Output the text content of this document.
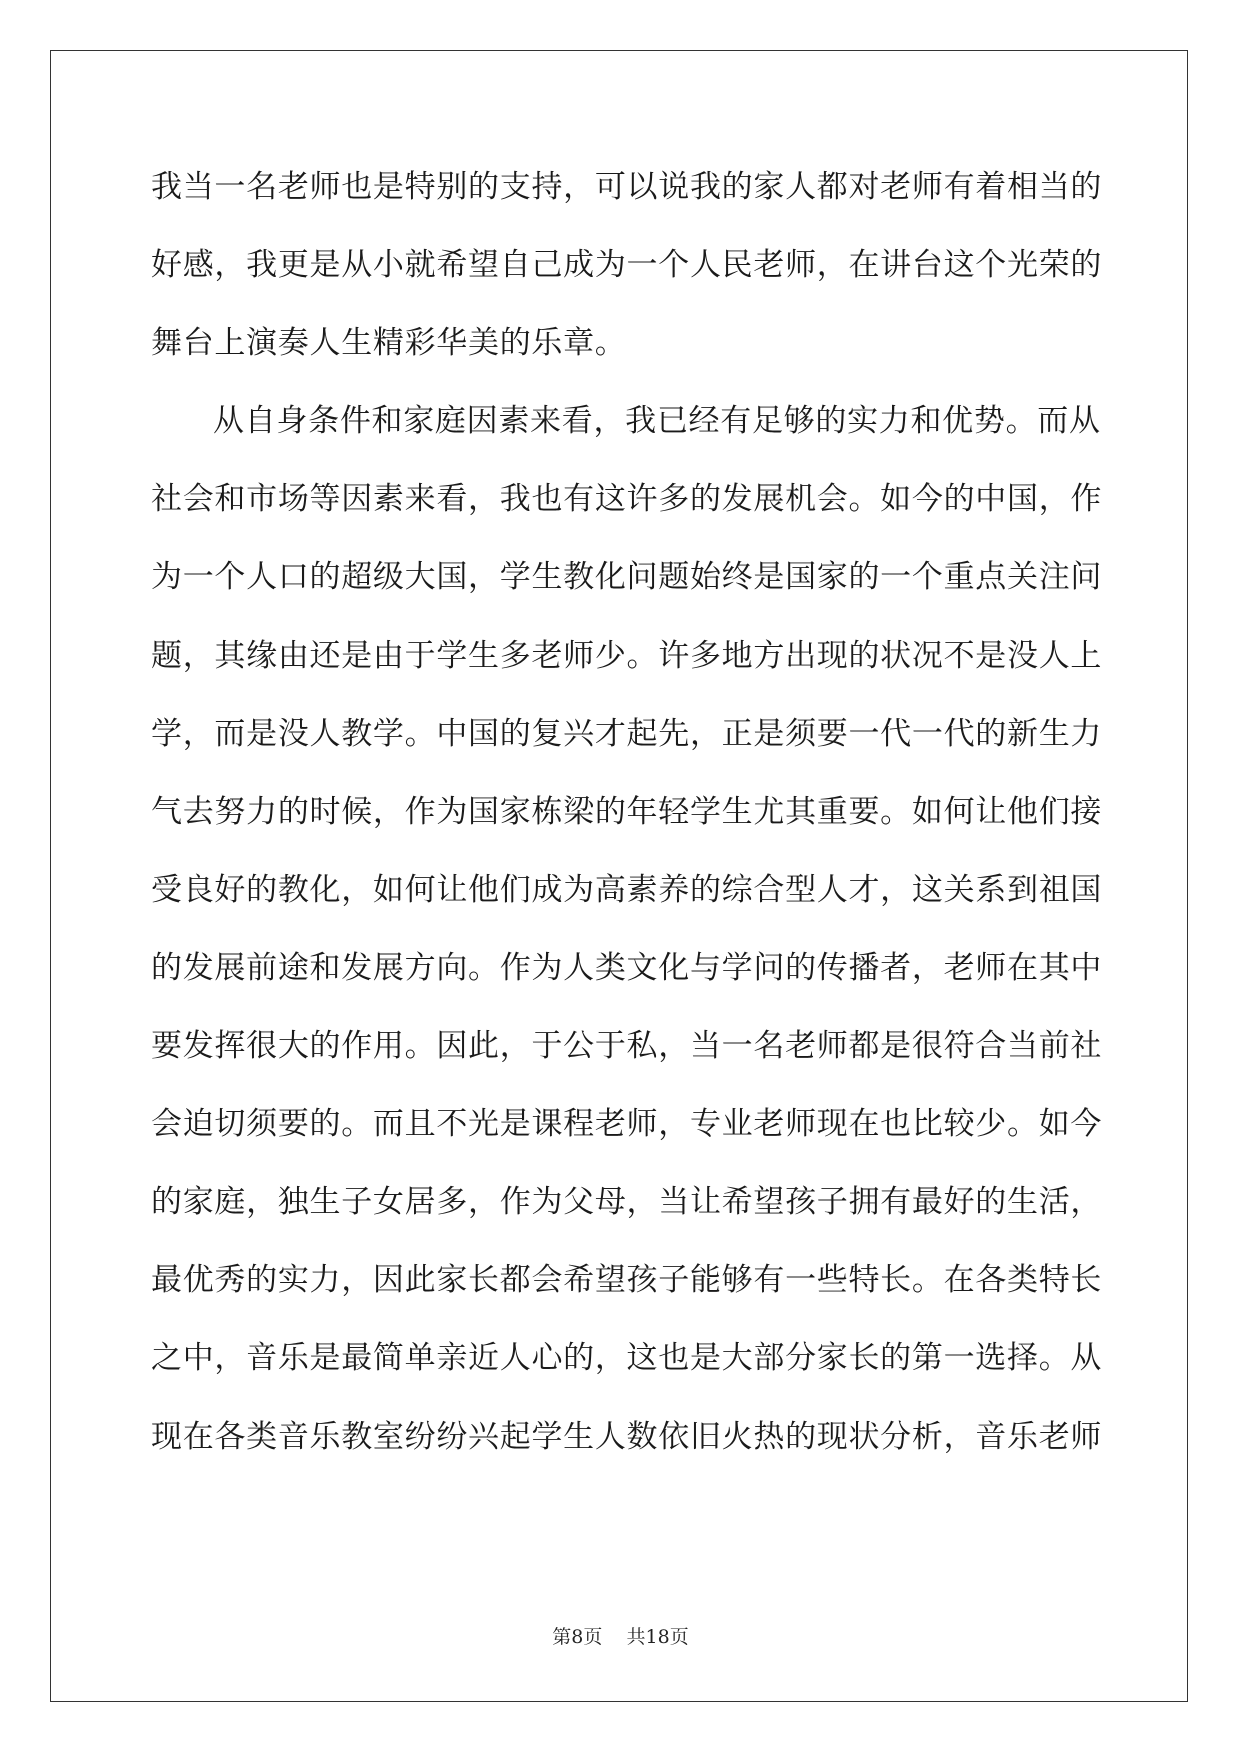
我 当 一 名 老 师 也 是 特 别 的 支 持 ， 可 以 说 我 的 家 人 都 对 老 师 有 着 相 当 的
好 感 ， 我 更 是 从 小 就 希 望 自 己 成 为 一 个 人 民 老 师 ， 在 讲 台 这 个 光 荣 的
舞台上演奏人生精彩华美的乐章。
从 自 身 条 件 和 家 庭 因 素 来 看 ， 我 已 经 有 足 够 的 实 力 和 优 势 。 而 从
社 会 和 市 场 等 因 素 来 看 ， 我 也 有 这 许 多 的 发 展 机 会 。 如 今 的 中 国 ， 作
为 一 个 人 口 的 超 级 大 国 ， 学 生 教 化 问 题 始 终 是 国 家 的 一 个 重 点 关 注 问
题 ， 其 缘 由 还 是 由 于 学 生 多 老 师 少 。 许 多 地 方 出 现 的 状 况 不 是 没 人 上
学 ， 而 是 没 人 教 学 。 中 国 的 复 兴 才 起 先 ， 正 是 须 要 一 代 一 代 的 新 生 力
气 去 努 力 的 时 候 ， 作 为 国 家 栋 梁 的 年 轻 学 生 尤 其 重 要 。 如 何 让 他 们 接
受 良 好 的 教 化 ， 如 何 让 他 们 成 为 高 素 养 的 综 合 型 人 才 ， 这 关 系 到 祖 国
的 发 展 前 途 和 发 展 方 向 。 作 为 人 类 文 化 与 学 问 的 传 播 者 ， 老 师 在 其 中
要 发 挥 很 大 的 作 用 。 因 此 ， 于 公 于 私 ， 当 一 名 老 师 都 是 很 符 合 当 前 社
会 迫 切 须 要 的 。 而 且 不 光 是 课 程 老 师 ， 专 业 老 师 现 在 也 比 较 少 。 如 今
的 家 庭 ， 独 生 子 女 居 多 ， 作 为 父 母 ， 当 让 希 望 孩 子 拥 有 最 好 的 生 活 ，
最 优 秀 的 实 力 ， 因 此 家 长 都 会 希 望 孩 子 能 够 有 一 些 特 长 。 在 各 类 特 长
之 中 ， 音 乐 是 最 简 单 亲 近 人 心 的 ， 这 也 是 大 部 分 家 长 的 第 一 选 择 。 从
现 在 各 类 音 乐 教 室 纷 纷 兴 起 学 生 人 数 依 旧 火 热 的 现 状 分 析 ， 音 乐 老 师
第8页 共18页
